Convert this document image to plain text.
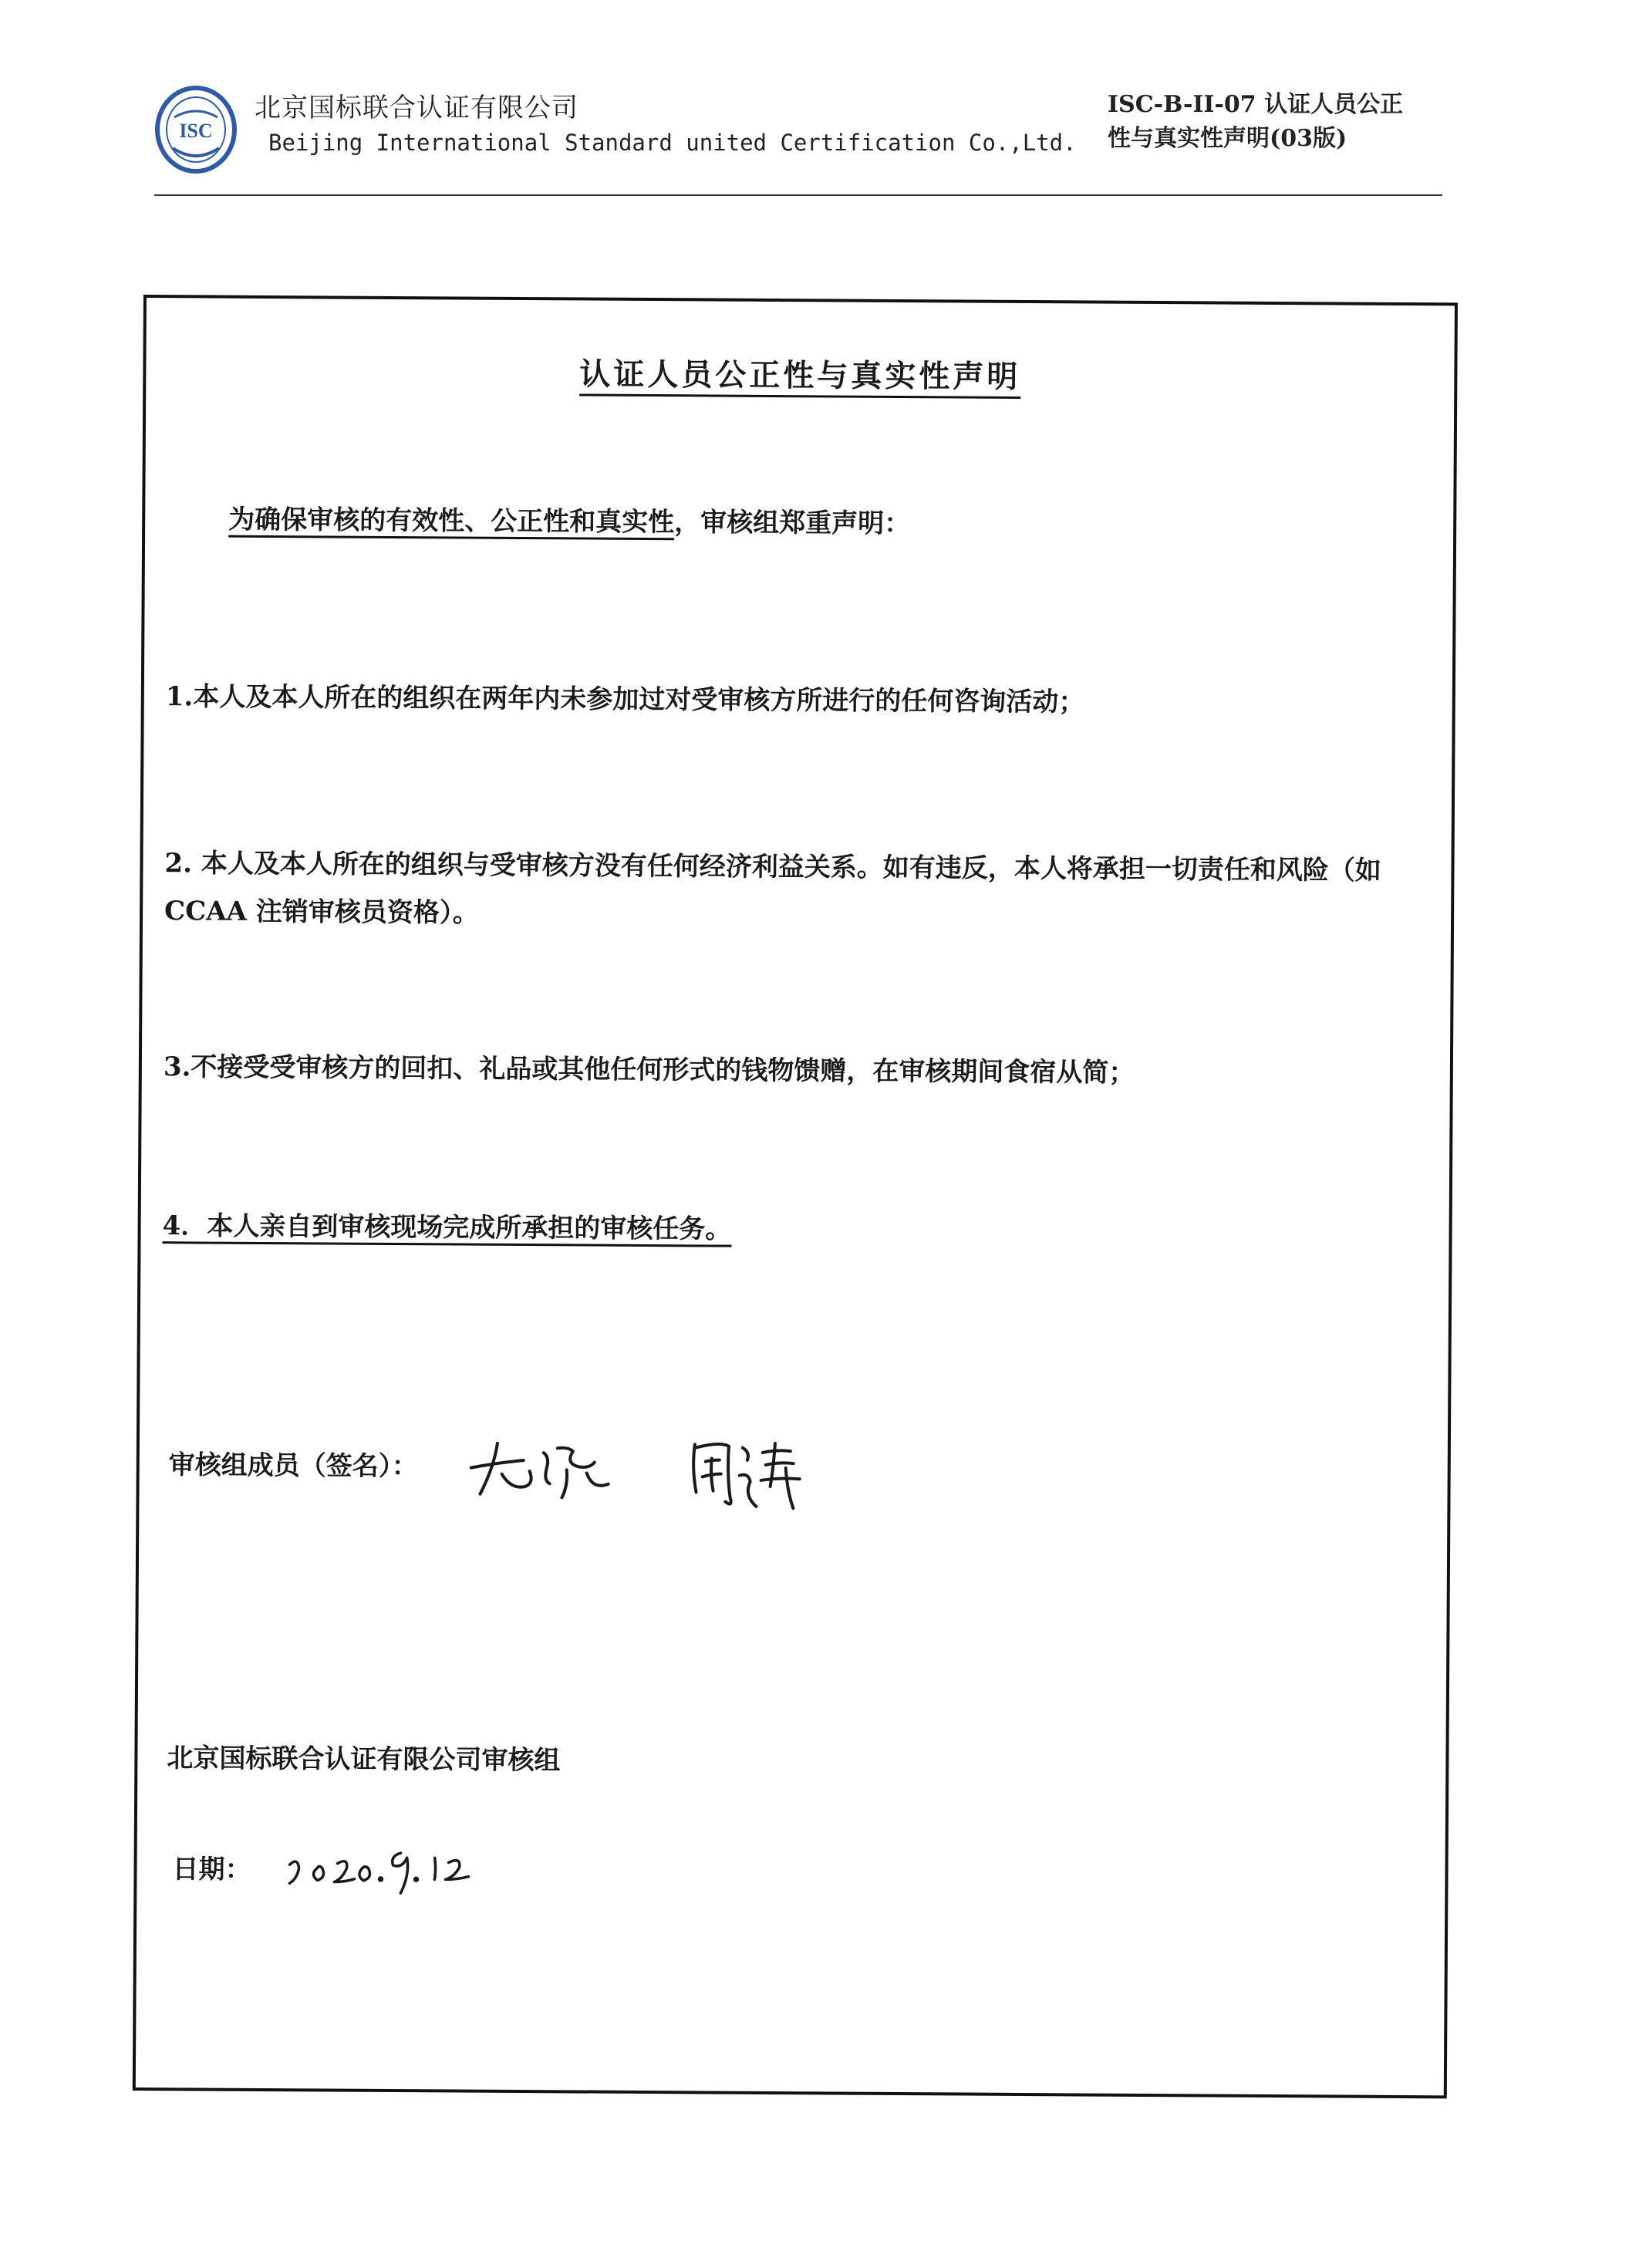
ISC
北京国标联合认证有限公司
Beijing International Standard united Certification Co.,Ltd.
ISC-B-II-07 认证人员公正
性与真实性声明(03版)
认证人员公正性与真实性声明
为确保审核的有效性、公正性和真实性，审核组郑重声明：
1.本人及本人所在的组织在两年内未参加过对受审核方所进行的任何咨询活动；
2. 本人及本人所在的组织与受审核方没有任何经济利益关系。如有违反，本人将承担一切责任和风险（如 CCAA 注销审核员资格）。
3.不接受受审核方的回扣、礼品或其他任何形式的钱物馈赠，在审核期间食宿从简；
4．本人亲自到审核现场完成所承担的审核任务。
审核组成员（签名）：
北京国标联合认证有限公司审核组
日期：
